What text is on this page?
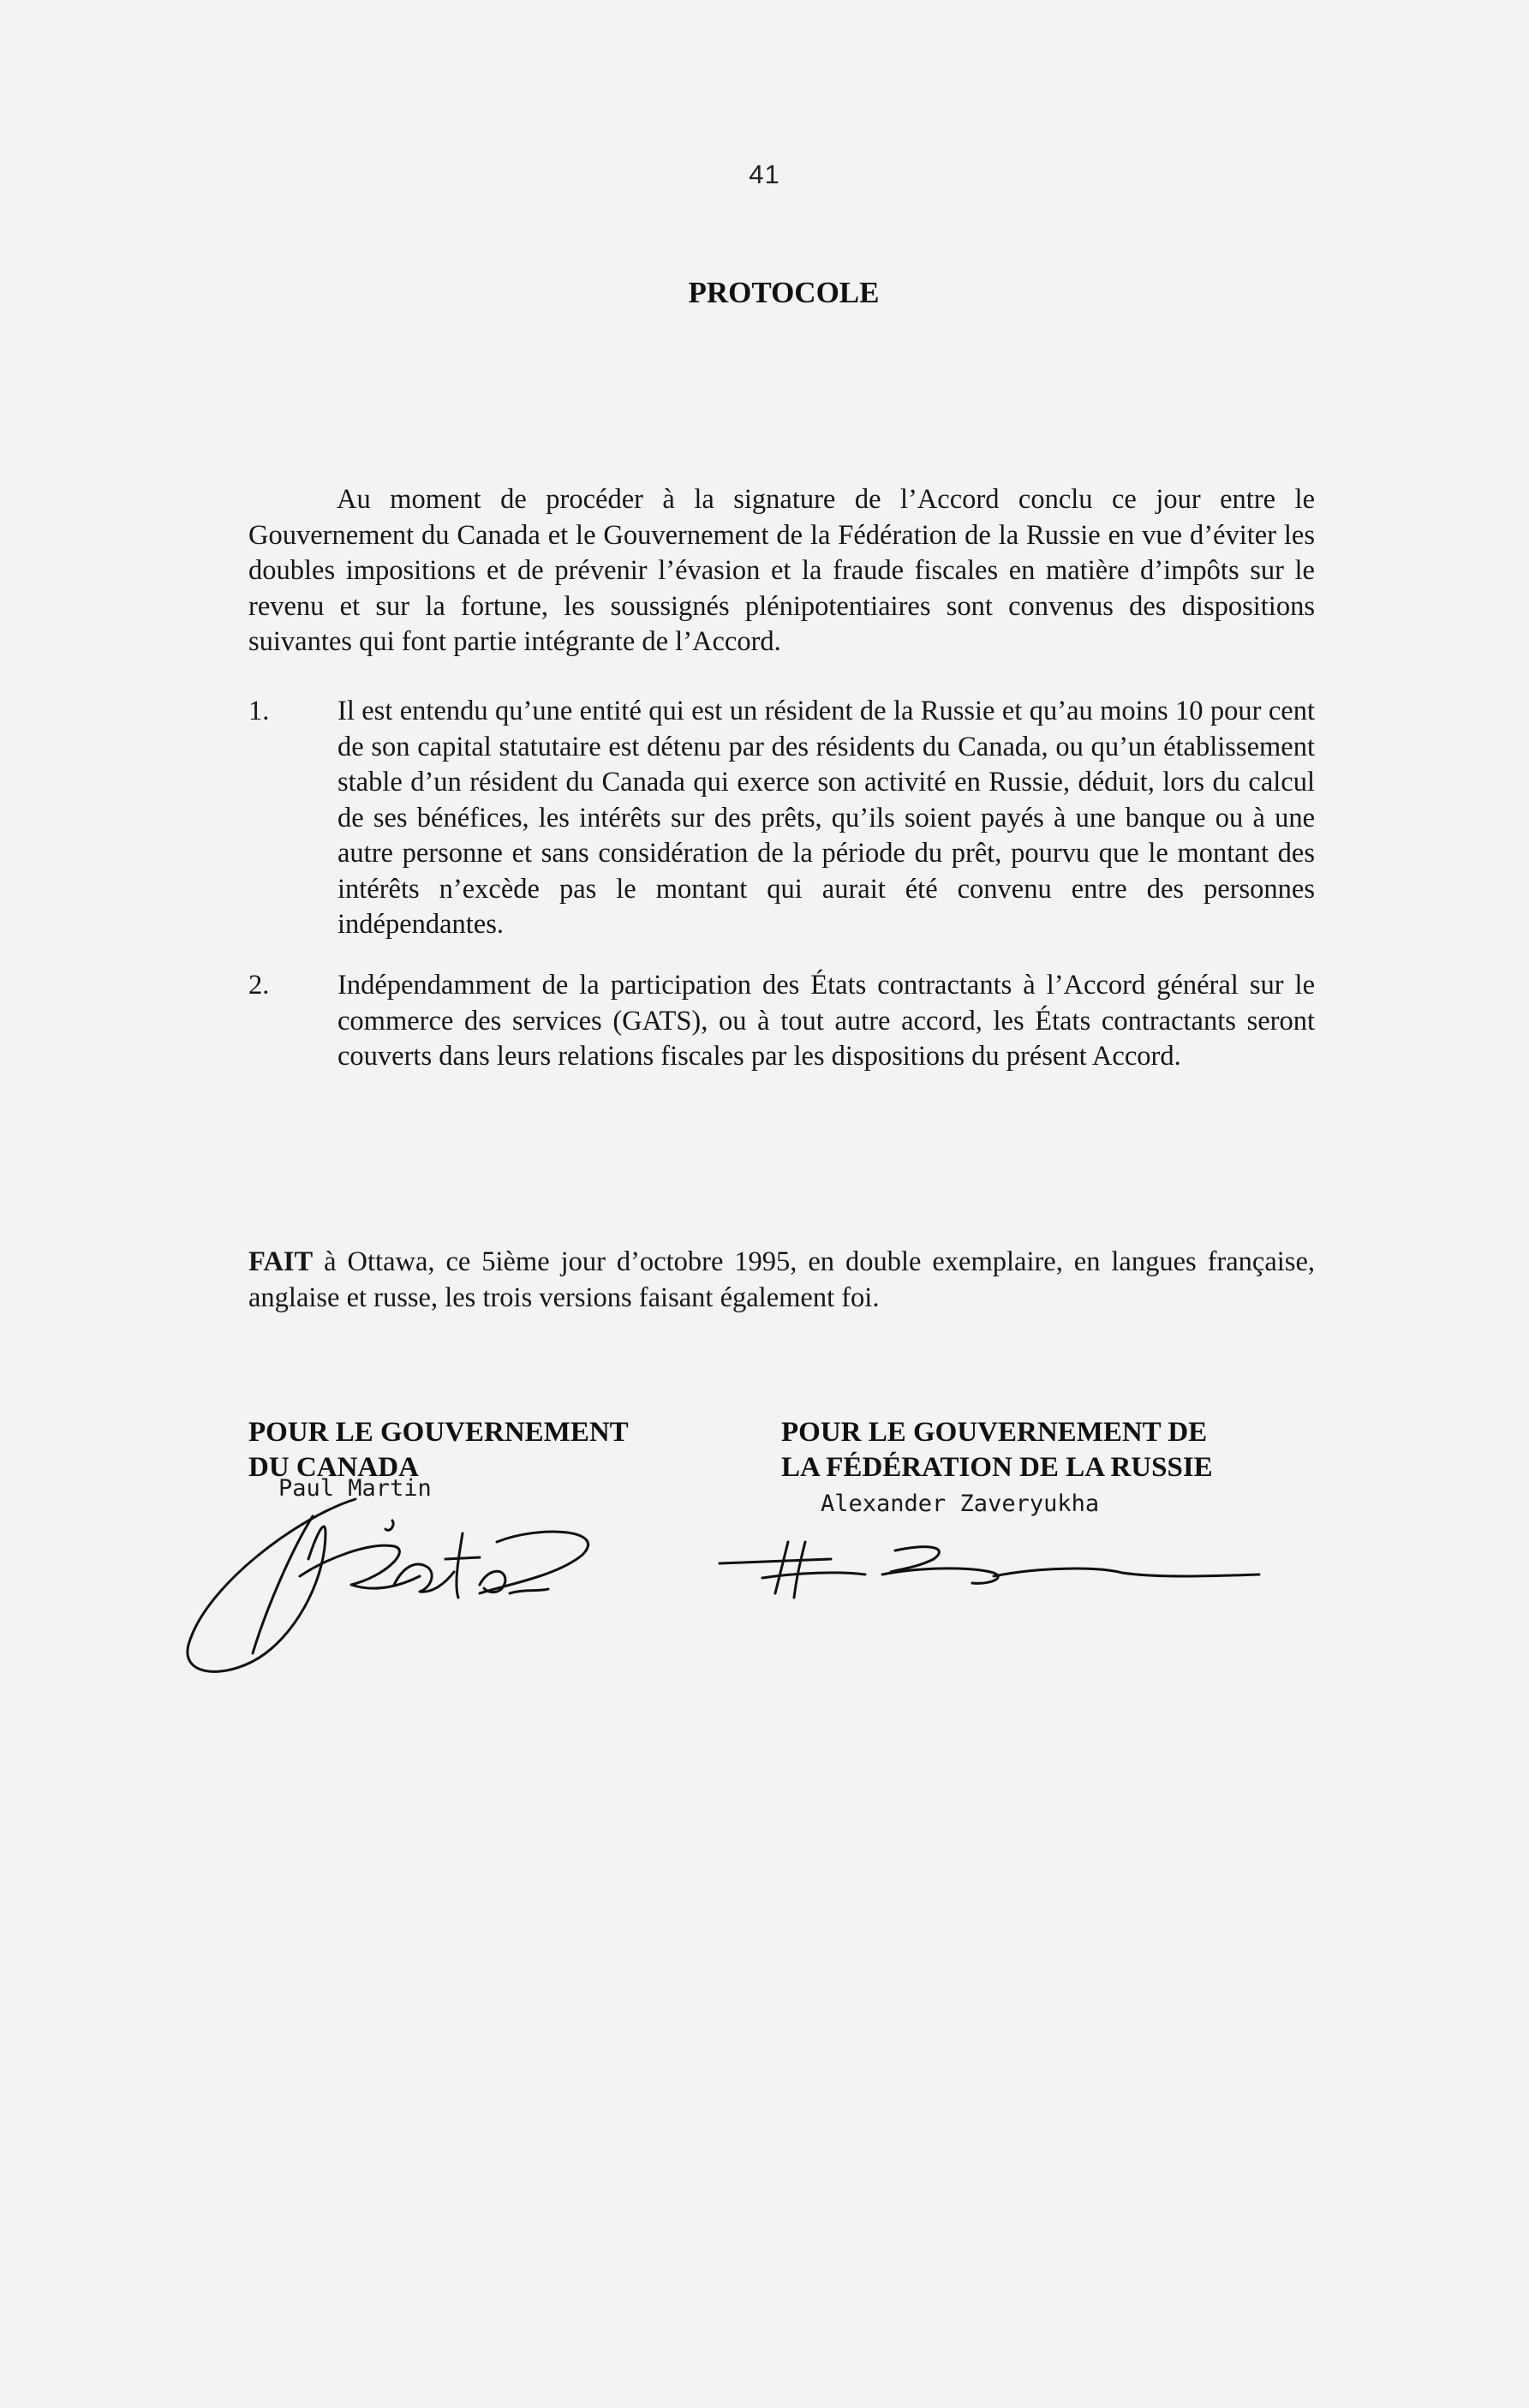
41
PROTOCOLE
Au moment de procéder à la signature de l’Accord conclu ce jour entre le Gouvernement du Canada et le Gouvernement de la Fédération de la Russie en vue d’éviter les doubles impositions et de prévenir l’évasion et la fraude fiscales en matière d’impôts sur le revenu et sur la fortune, les soussignés plénipotentiaires sont convenus des dispositions suivantes qui font partie intégrante de l’Accord.
1. Il est entendu qu’une entité qui est un résident de la Russie et qu’au moins 10 pour cent de son capital statutaire est détenu par des résidents du Canada, ou qu’un établissement stable d’un résident du Canada qui exerce son activité en Russie, déduit, lors du calcul de ses bénéfices, les intérêts sur des prêts, qu’ils soient payés à une banque ou à une autre personne et sans considération de la période du prêt, pourvu que le montant des intérêts n’excède pas le montant qui aurait été convenu entre des personnes indépendantes.
2. Indépendamment de la participation des États contractants à l’Accord général sur le commerce des services (GATS), ou à tout autre accord, les États contractants seront couverts dans leurs relations fiscales par les dispositions du présent Accord.
FAIT à Ottawa, ce 5ième jour d’octobre 1995, en double exemplaire, en langues française, anglaise et russe, les trois versions faisant également foi.
POUR LE GOUVERNEMENT
DU CANADA
POUR LE GOUVERNEMENT DE
LA FÉDÉRATION DE LA RUSSIE
Paul Martin
Alexander Zaveryukha
